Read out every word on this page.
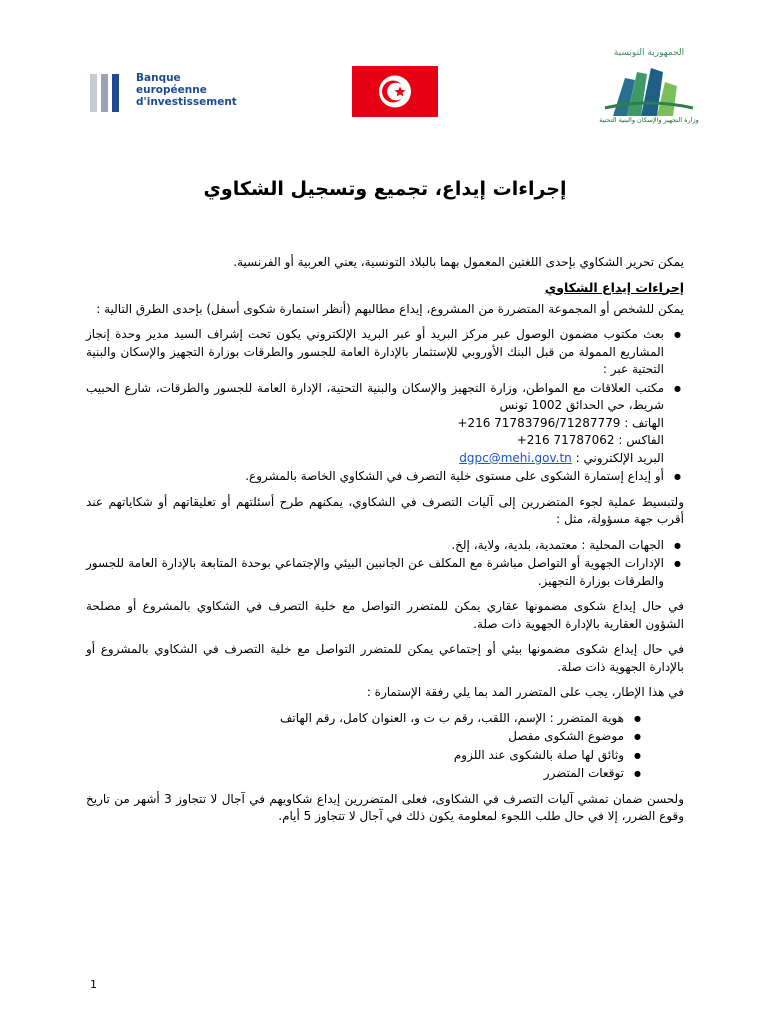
Banque
européenne
d'investissement
الجمهورية التونسية
وزارة التجهيز والإسكان والبنية التحتية
إجراءات إيداع، تجميع وتسجيل الشكاوي

يمكن تحرير الشكاوي بإحدى اللغتين المعمول بهما بالبلاد التونسية، يعني العربية أو الفرنسية.

إجراءات إيداع الشكاوي

يمكن للشخص أو المجموعة المتضررة من المشروع، إيداع مطالبهم (أنظر استمارة شكوى أسفل) بإحدى الطرق التالية :

● بعث مكتوب مضمون الوصول عبر مركز البريد أو عبر البريد الإلكتروني يكون تحت إشراف السيد مدير وحدة إنجاز المشاريع الممولة من قبل البنك الأوروبي للإستثمار بالإدارة العامة للجسور والطرقات بوزارة التجهيز والإسكان والبنية التحتية عبر :
● مكتب العلاقات مع المواطن، وزارة التجهيز والإسكان والبنية التحتية، الإدارة العامة للجسور والطرقات، شارع الحبيب شريط، حي الحدائق 1002 تونس
الهاتف : +216 71783796/71287779
الفاكس : +216 71787062
البريد الإلكتروني : dgpc@mehi.gov.tn
● أو إيداع إستمارة الشكوى على مستوى خلية التصرف في الشكاوي الخاصة بالمشروع.

ولتبسيط عملية لجوء المتضررين إلى آليات التصرف في الشكاوي، يمكنهم طرح أسئلتهم أو تعليقاتهم أو شكاياتهم عند أقرب جهة مسؤولة، مثل :

● الجهات المحلية : معتمدية، بلدية، ولاية، إلخ.
● الإدارات الجهوية أو التواصل مباشرة مع المكلف عن الجانبين البيئي والإجتماعي بوحدة المتابعة بالإدارة العامة للجسور والطرقات بوزارة التجهيز.

في حال إيداع شكوى مضمونها عقاري يمكن للمتضرر التواصل مع خلية التصرف في الشكاوي بالمشروع أو مصلحة الشؤون العقارية بالإدارة الجهوية ذات صلة.

في حال إيداع شكوى مضمونها بيئي أو إجتماعي يمكن للمتضرر التواصل مع خلية التصرف في الشكاوي بالمشروع أو بالإدارة الجهوية ذات صلة.

في هذا الإطار، يجب على المتضرر المد بما يلي رفقة الإستمارة :

● هوية المتضرر : الإسم، اللقب، رقم ب ت و، العنوان كامل، رقم الهاتف
● موضوع الشكوى مفصل
● وثائق لها صلة بالشكوى عند اللزوم
● توقعات المتضرر

ولحسن ضمان تمشي آليات التصرف في الشكاوى، فعلى المتضررين إيداع شكاويهم في آجال لا تتجاوز 3 أشهر من تاريخ وقوع الضرر، إلا في حال طلب اللجوء لمعلومة يكون ذلك في آجال لا تتجاوز 5 أيام.

1
